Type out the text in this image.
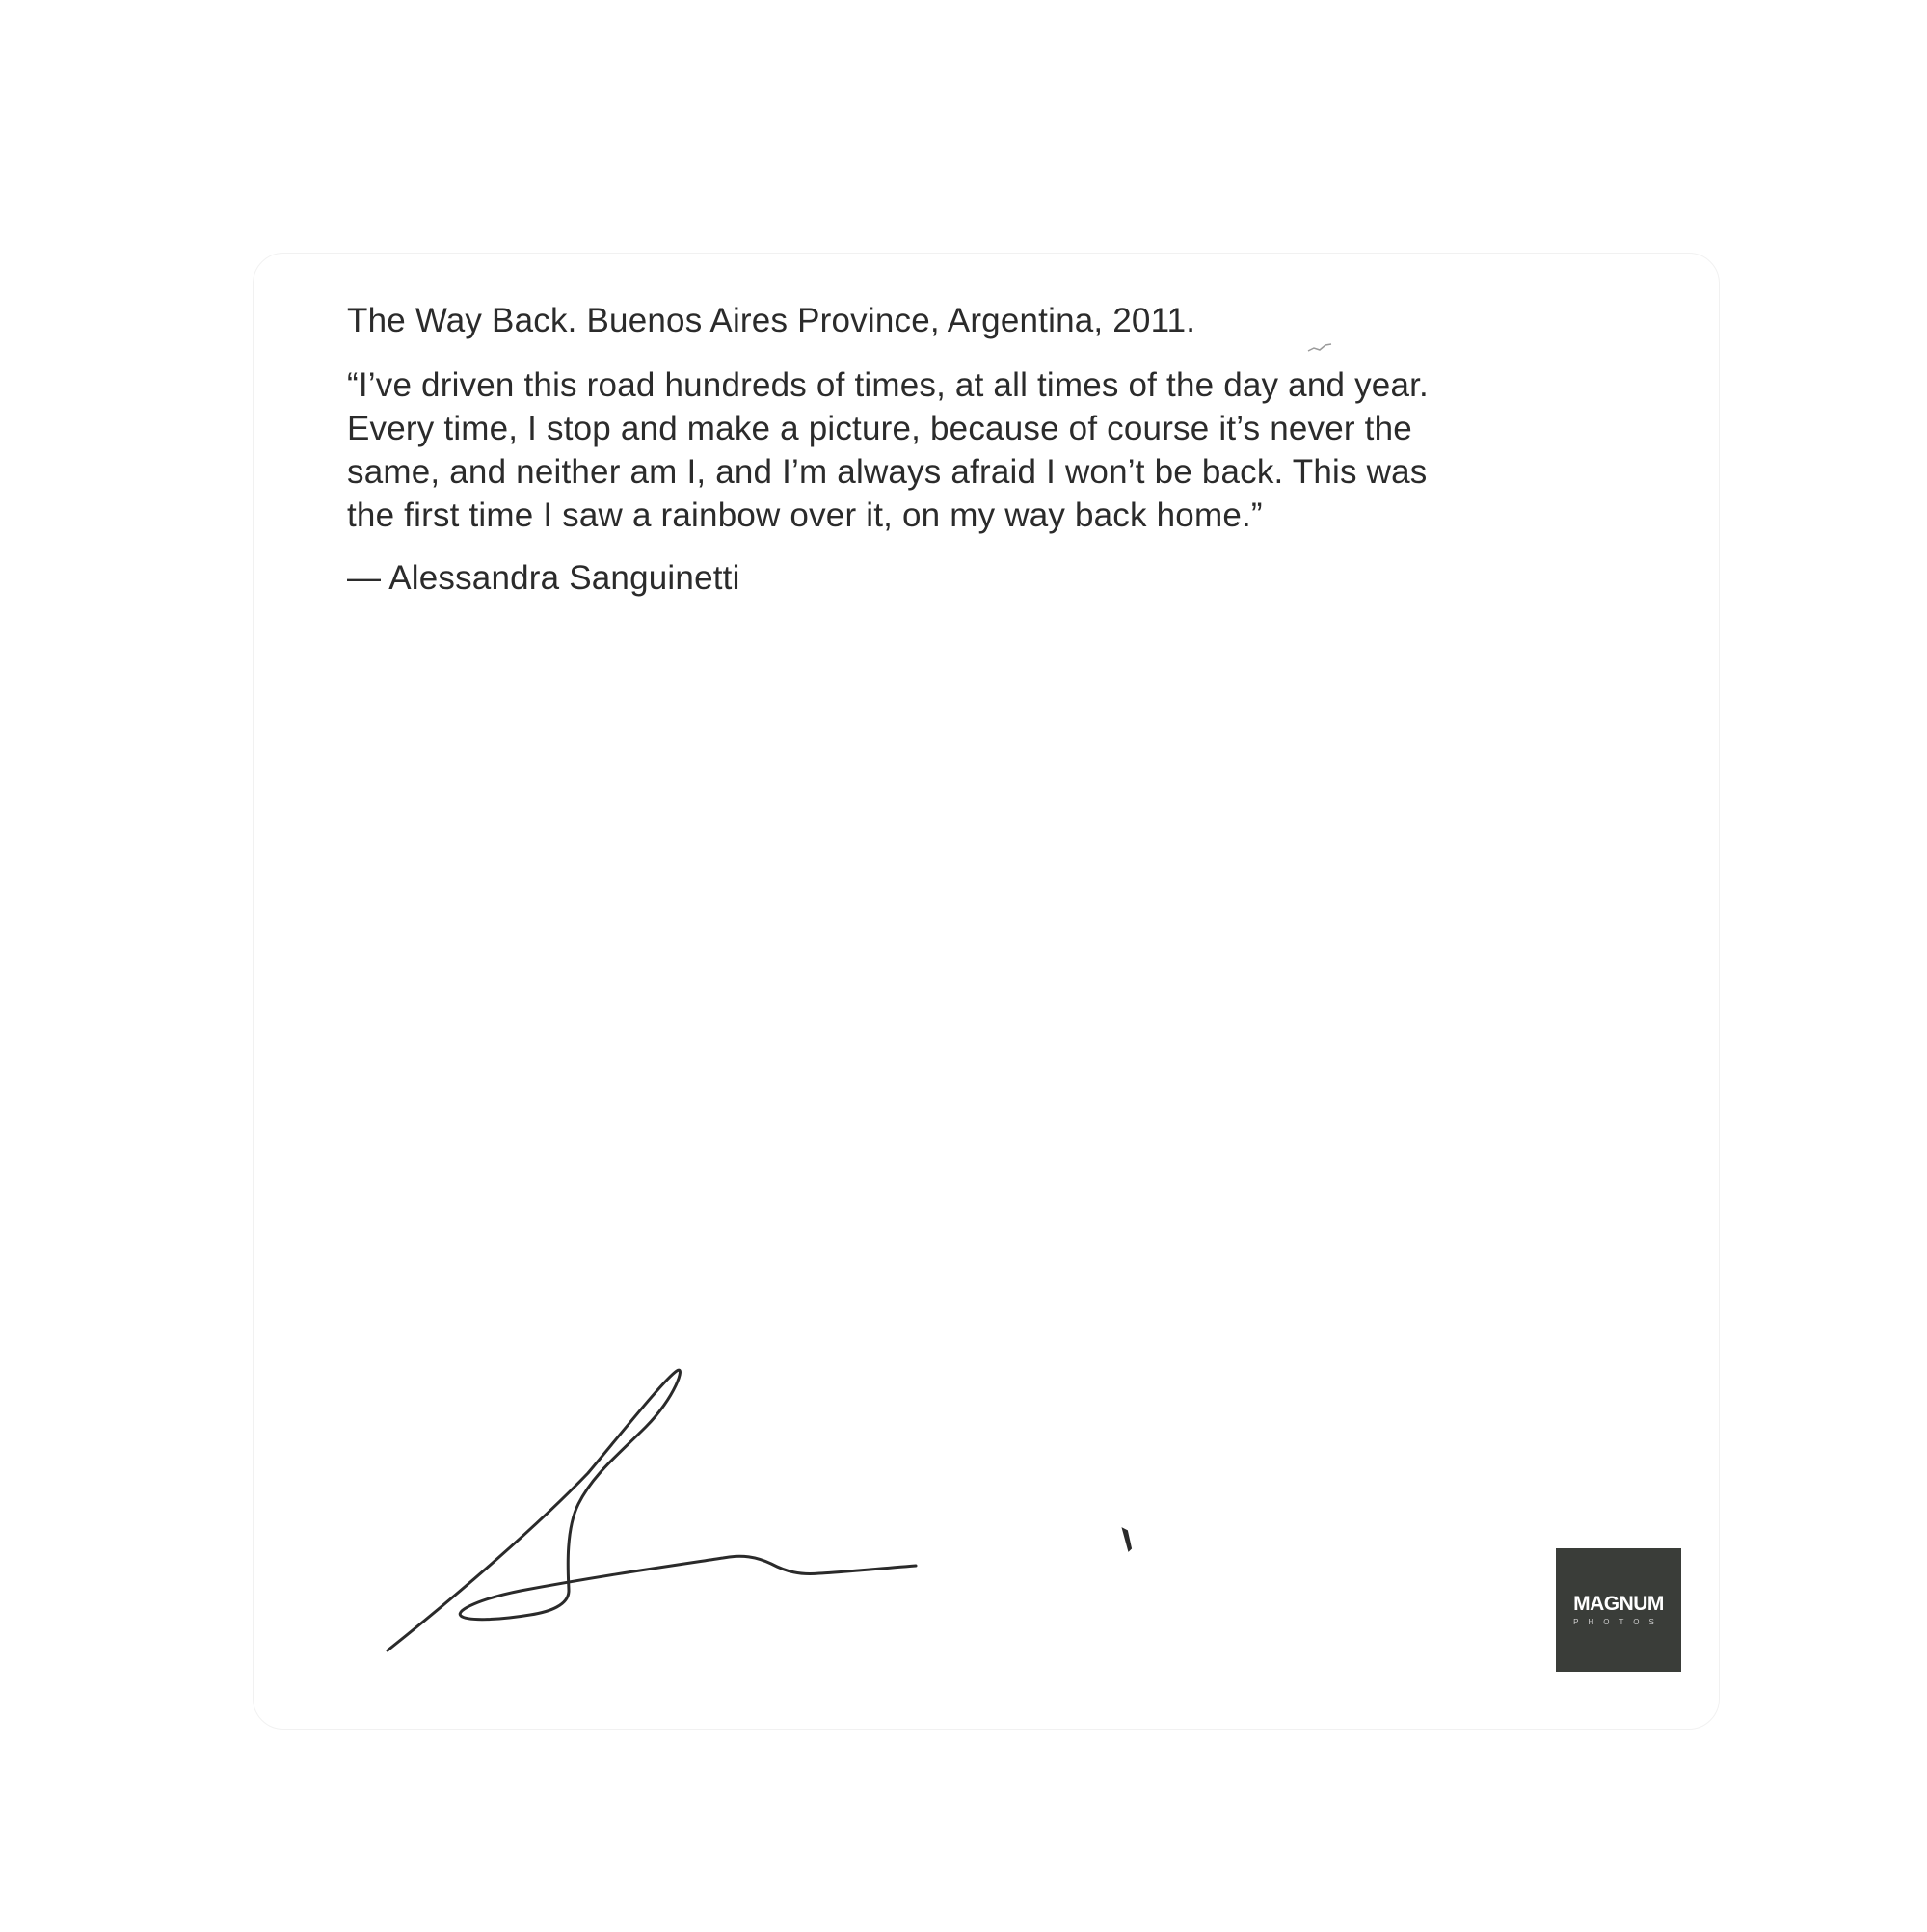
The Way Back. Buenos Aires Province, Argentina, 2011.

“I’ve driven this road hundreds of times, at all times of the day and year.
Every time, I stop and make a picture, because of course it’s never the
same, and neither am I, and I’m always afraid I won’t be back. This was
the first time I saw a rainbow over it, on my way back home.”

— Alessandra Sanguinetti

MAGNUM
PHOTOS
